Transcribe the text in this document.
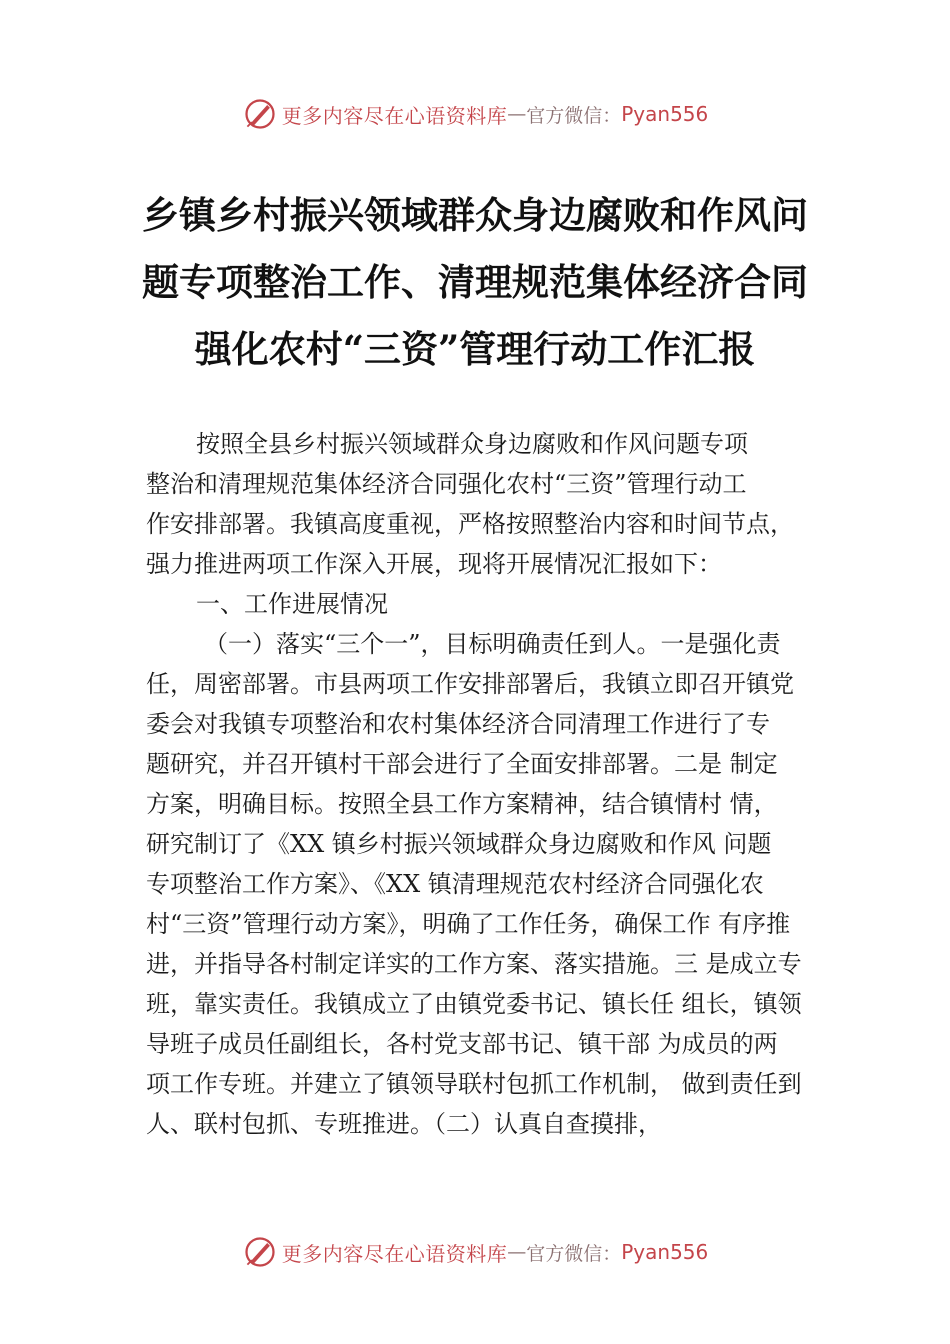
更多内容尽在心语资料库 — 官方微信： Pyan556
乡镇乡村振兴领域群众身边腐败和作风问
题专项整治工作、清理规范集体经济合同
强化农村“三资”管理行动工作汇报
按照全县乡村振兴领域群众身边腐败和作风问题专项
整治和清理规范集体经济合同强化农村“三资”管理行动工
作安排部署。我镇高度重视，严格按照整治内容和时间节点，
强力推进两项工作深入开展，现将开展情况汇报如下：
一、工作进展情况
（一）落实“三个一”，目标明确责任到人。一是强化责
任，周密部署。市县两项工作安排部署后，我镇立即召开镇党
委会对我镇专项整治和农村集体经济合同清理工作进行了专
题研究，并召开镇村干部会进行了全面安排部署。二是 制定
方案，明确目标。按照全县工作方案精神，结合镇情村 情，
研究制订了《XX 镇乡村振兴领域群众身边腐败和作风 问题
专项整治工作方案》、《XX 镇清理规范农村经济合同强化农
村“三资”管理行动方案》，明确了工作任务，确保工作 有序推
进，并指导各村制定详实的工作方案、落实措施。三 是成立专
班，靠实责任。我镇成立了由镇党委书记、镇长任 组长，镇领
导班子成员任副组长，各村党支部书记、镇干部 为成员的两
项工作专班。并建立了镇领导联村包抓工作机制， 做到责任到
人、联村包抓、专班推进。（二）认真自查摸排，
更多内容尽在心语资料库 — 官方微信： Pyan556
